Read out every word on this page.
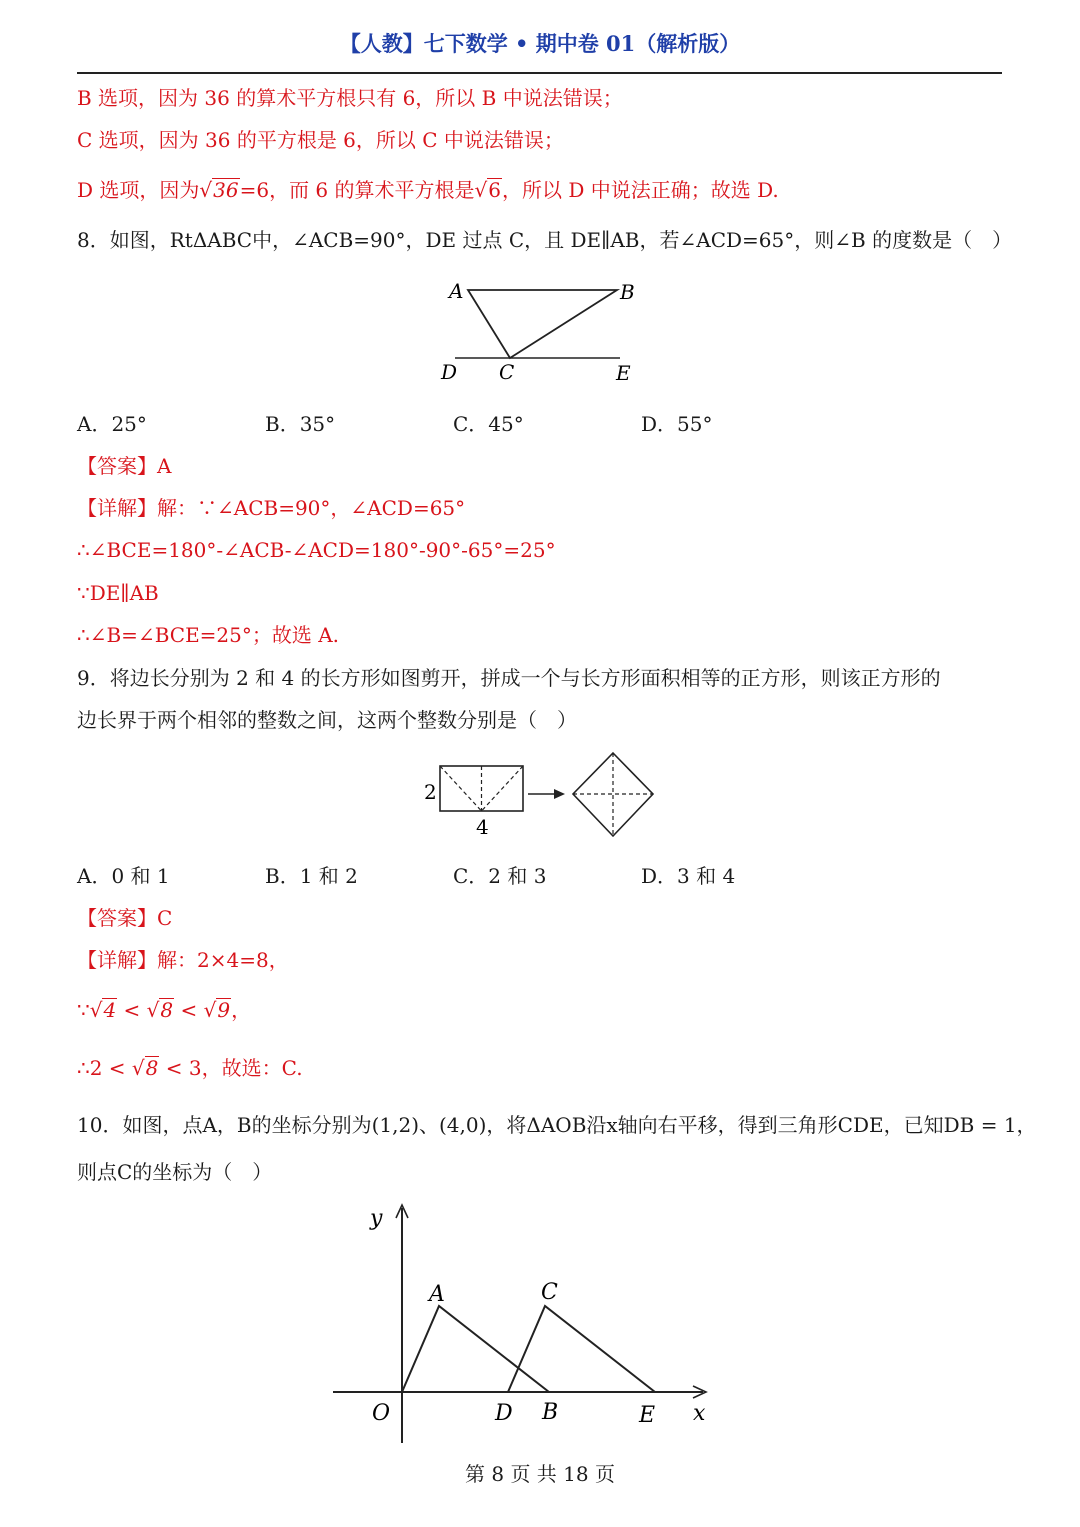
【人教】七下数学 • 期中卷 01（解析版）
B 选项，因为 36 的算术平方根只有 6，所以 B 中说法错误；
C 选项，因为 36 的平方根是 6，所以 C 中说法错误；
D 选项，因为√36=6，而 6 的算术平方根是√6，所以 D 中说法正确；故选 D.
8．如图，RtΔABC中，∠ACB=90°，DE 过点 C，且 DE∥AB，若∠ACD=65°，则∠B 的度数是（　）
A	B
C
D	E
A．25°	B．35°	C．45°	D．55°
【答案】A
【详解】解：∵∠ACB=90°，∠ACD=65°
∴∠BCE=180°-∠ACB-∠ACD=180°-90°-65°=25°
∵DE∥AB
∴∠B=∠BCE=25°；故选 A.
9．将边长分别为 2 和 4 的长方形如图剪开，拼成一个与长方形面积相等的正方形，则该正方形的
边长界于两个相邻的整数之间，这两个整数分别是（　）
2
4
A．0 和 1	B．1 和 2	C．2 和 3	D．3 和 4
【答案】C
【详解】解：2×4=8，
∵√4 < √8 < √9，
∴2 < √8 < 3，故选：C.
10．如图，点A，B的坐标分别为(1,2)、(4,0)，将ΔAOB沿x轴向右平移，得到三角形CDE，已知DB = 1，
则点C的坐标为（　）
y
x
O
A	C
D B	E
第 8 页 共 18 页
